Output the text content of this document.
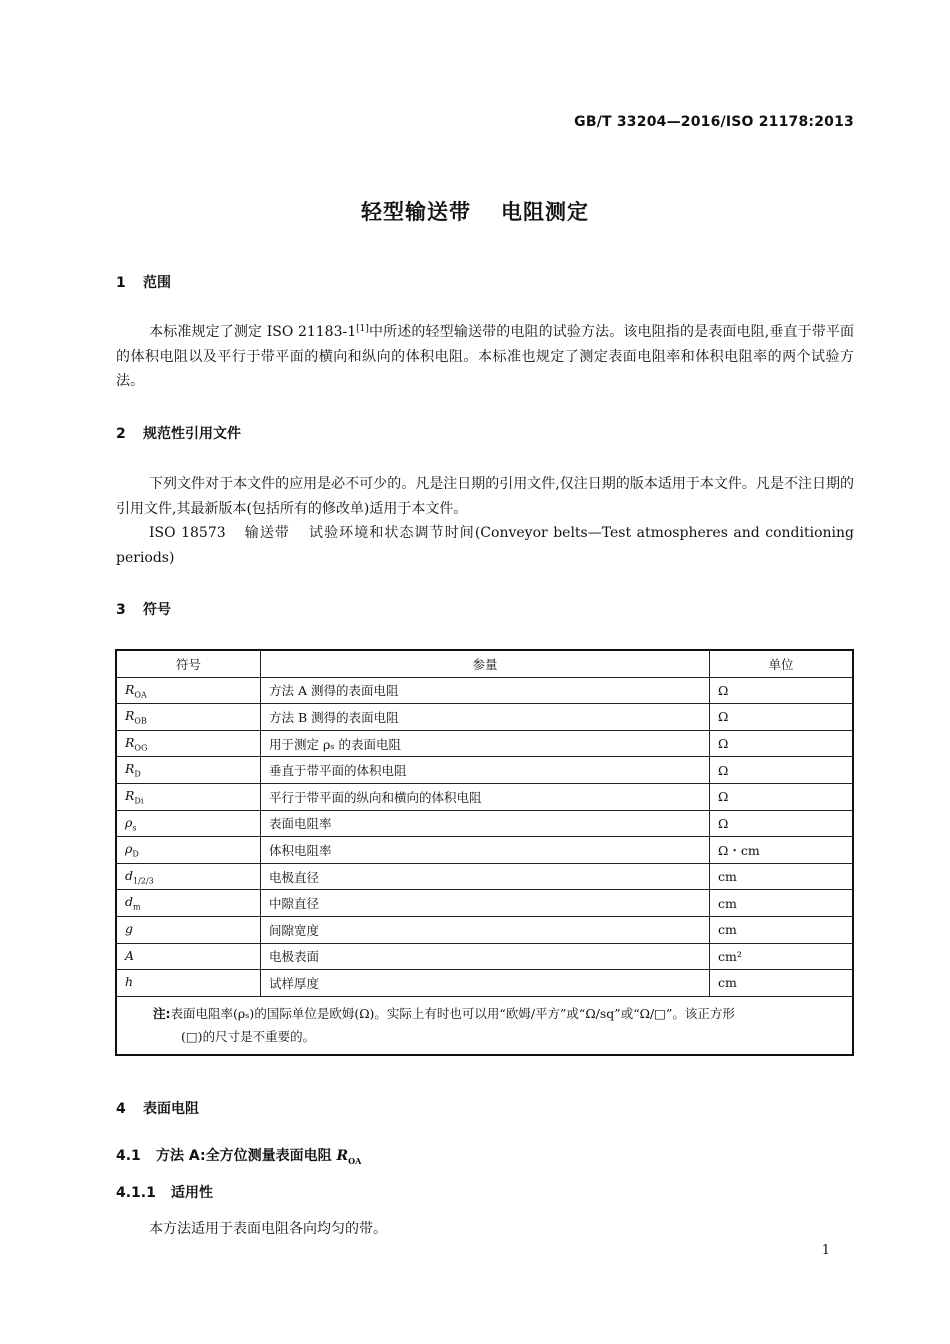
GB/T 33204—2016/ISO 21178:2013
轻型输送带 电阻测定
1 范围
本标准规定了测定 ISO 21183-1[1]中所述的轻型输送带的电阻的试验方法。该电阻指的是表面电阻,垂直于带平面的体积电阻以及平行于带平面的横向和纵向的体积电阻。本标准也规定了测定表面电阻率和体积电阻率的两个试验方法。
2 规范性引用文件
下列文件对于本文件的应用是必不可少的。凡是注日期的引用文件,仅注日期的版本适用于本文件。凡是不注日期的引用文件,其最新版本(包括所有的修改单)适用于本文件。
ISO 18573 输送带 试验环境和状态调节时间(Conveyor belts—Test atmospheres and conditioning periods)
3 符号
符号	参量	单位
$R_{OA}$	方法 A 测得的表面电阻	Ω
$R_{OB}$	方法 B 测得的表面电阻	Ω
$R_{OG}$	用于测定 ρₛ 的表面电阻	Ω
$R_D$	垂直于带平面的体积电阻	Ω
$R_{Di}$	平行于带平面的纵向和横向的体积电阻	Ω
$\rho_s$	表面电阻率	Ω
$\rho_D$	体积电阻率	Ω・cm
$d_{1/2/3}$	电极直径	cm
$d_m$	中隙直径	cm
g	间隙宽度	cm
A	电极表面	cm²
h	试样厚度	cm
注:表面电阻率(ρₛ)的国际单位是欧姆(Ω)。实际上有时也可以用“欧姆/平方”或“Ω/sq”或“Ω/□”。该正方形
(□)的尺寸是不重要的。		
4 表面电阻
4.1 方法 A:全方位测量表面电阻 $R_{OA}$
4.1.1 适用性
本方法适用于表面电阻各向均匀的带。
1
